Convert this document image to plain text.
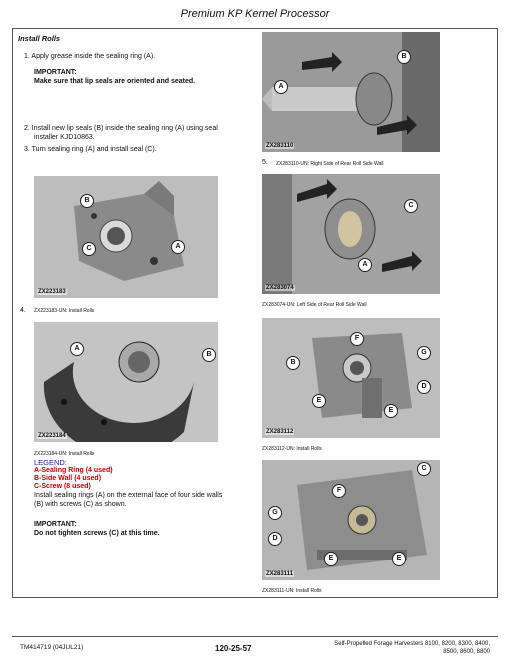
Premium KP Kernel Processor
Install Rolls
1. Apply grease inside the sealing ring (A).
IMPORTANT:
Make sure that lip seals are oriented and seated.
2. Install new lip seals (B) inside the sealing ring (A) using seal
installer KJD10863.
3. Turn sealing ring (A) and install seal (C).
B
C	A
ZX223183
4. ZX223183-UN: Install Rolls
A
B
ZX223184
ZX223184-UN: Install Rolls
LEGEND:
A-Sealing Ring (4 used)
B-Side Wall (4 used)
C-Screw (8 used)
Install sealing rings (A) on the external face of four side walls
(B) with screws (C) as shown.
IMPORTANT:
Do not tighten screws (C) at this time.
B
A
ZX283110
5. ZX283110-UN: Right Side of Rear Roll Side Wall
C
A
ZX283074
ZX283074-UN: Left Side of Rear Roll Side Wall
F
G
B
D
E
E
ZX283112
ZX283112-UN: Install Rolls
C
F
G
D
E	E
ZX283111
ZX283111-UN: Install Rolls
TM414719 (04JUL21)	120-25-57	Self-Propelled Forage Harvesters 8100, 8200, 8300, 8400,
8500, 8600, 8800
